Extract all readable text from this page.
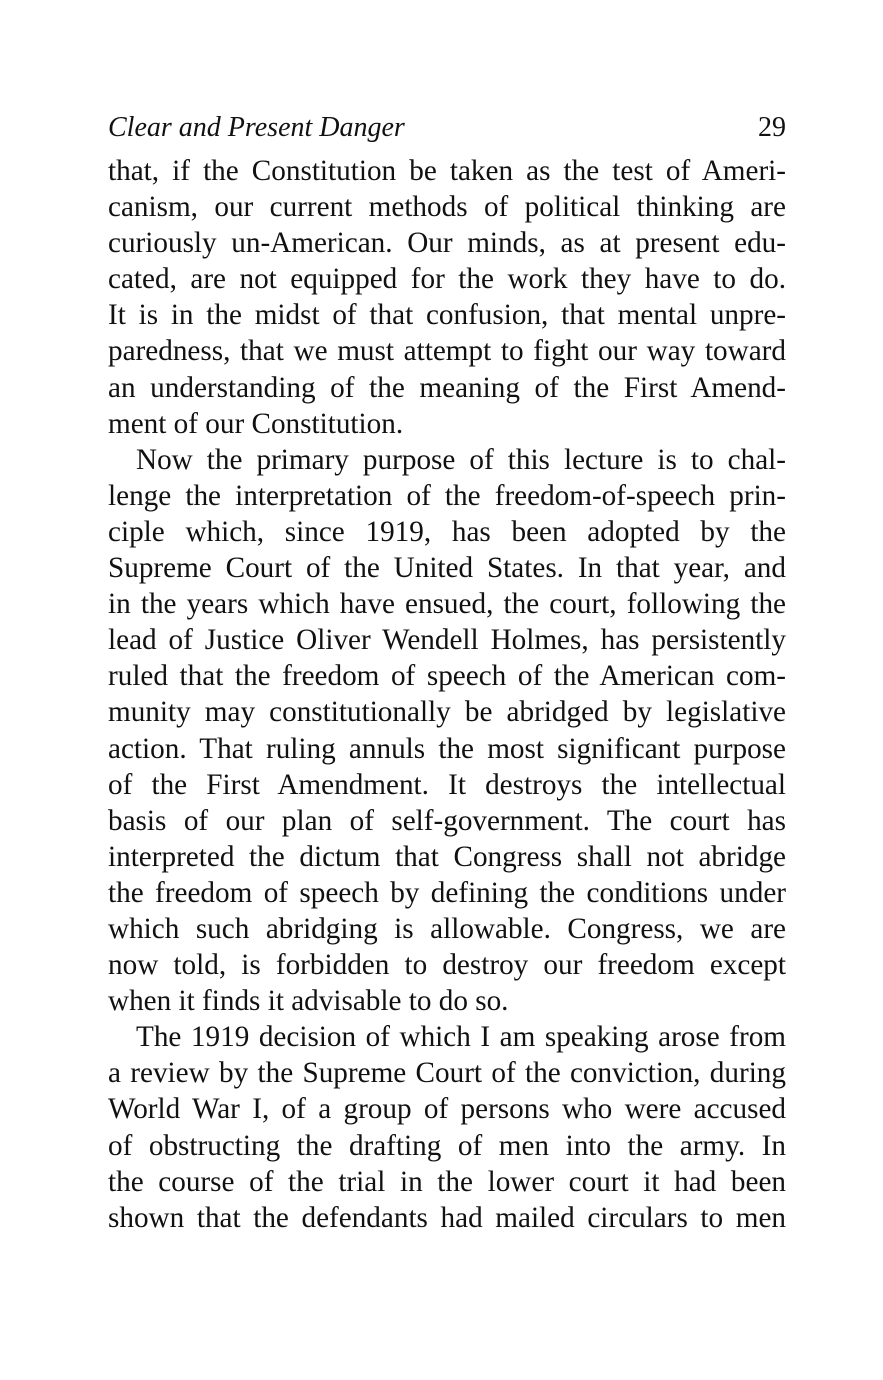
Clear and Present Danger	29
that, if the Constitution be taken as the test of Ameri-
canism, our current methods of political thinking are
curiously un-American. Our minds, as at present edu-
cated, are not equipped for the work they have to do.
It is in the midst of that confusion, that mental unpre-
paredness, that we must attempt to fight our way toward
an understanding of the meaning of the First Amend-
ment of our Constitution.
Now the primary purpose of this lecture is to chal-
lenge the interpretation of the freedom-of-speech prin-
ciple which, since 1919, has been adopted by the
Supreme Court of the United States. In that year, and
in the years which have ensued, the court, following the
lead of Justice Oliver Wendell Holmes, has persistently
ruled that the freedom of speech of the American com-
munity may constitutionally be abridged by legislative
action. That ruling annuls the most significant purpose
of the First Amendment. It destroys the intellectual
basis of our plan of self-government. The court has
interpreted the dictum that Congress shall not abridge
the freedom of speech by defining the conditions under
which such abridging is allowable. Congress, we are
now told, is forbidden to destroy our freedom except
when it finds it advisable to do so.
The 1919 decision of which I am speaking arose from
a review by the Supreme Court of the conviction, during
World War I, of a group of persons who were accused
of obstructing the drafting of men into the army. In
the course of the trial in the lower court it had been
shown that the defendants had mailed circulars to men
